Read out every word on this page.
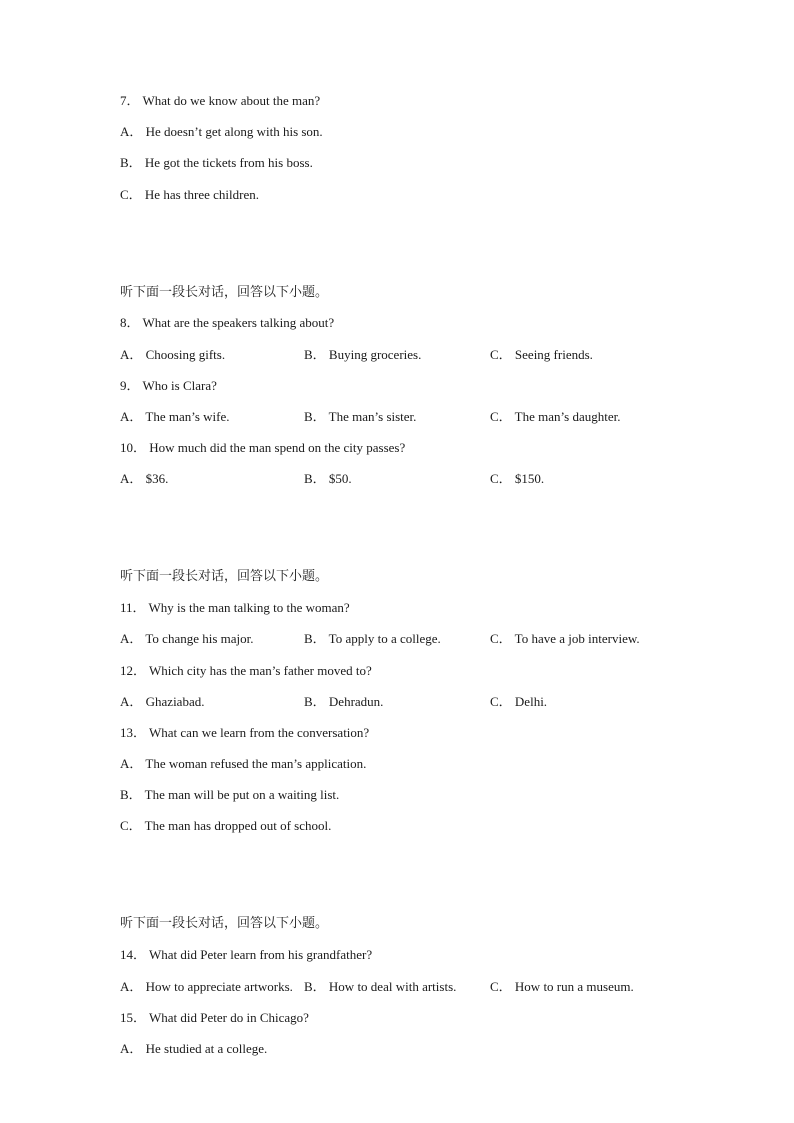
7． What do we know about the man?
A． He doesn’t get along with his son.
B． He got the tickets from his boss.
C． He has three children.
听下面一段长对话，回答以下小题。
8． What are the speakers talking about?
A． Choosing gifts.	B． Buying groceries.	C． Seeing friends.
9． Who is Clara?
A． The man’s wife.	B． The man’s sister.	C． The man’s daughter.
10． How much did the man spend on the city passes?
A． $36.	B． $50.	C． $150.
听下面一段长对话，回答以下小题。
11． Why is the man talking to the woman?
A． To change his major.	B． To apply to a college.	C． To have a job interview.
12． Which city has the man’s father moved to?
A． Ghaziabad.	B． Dehradun.	C． Delhi.
13． What can we learn from the conversation?
A． The woman refused the man’s application.
B． The man will be put on a waiting list.
C． The man has dropped out of school.
听下面一段长对话，回答以下小题。
14． What did Peter learn from his grandfather?
A． How to appreciate artworks. B． How to deal with artists.	C． How to run a museum.
15． What did Peter do in Chicago?
A． He studied at a college.
